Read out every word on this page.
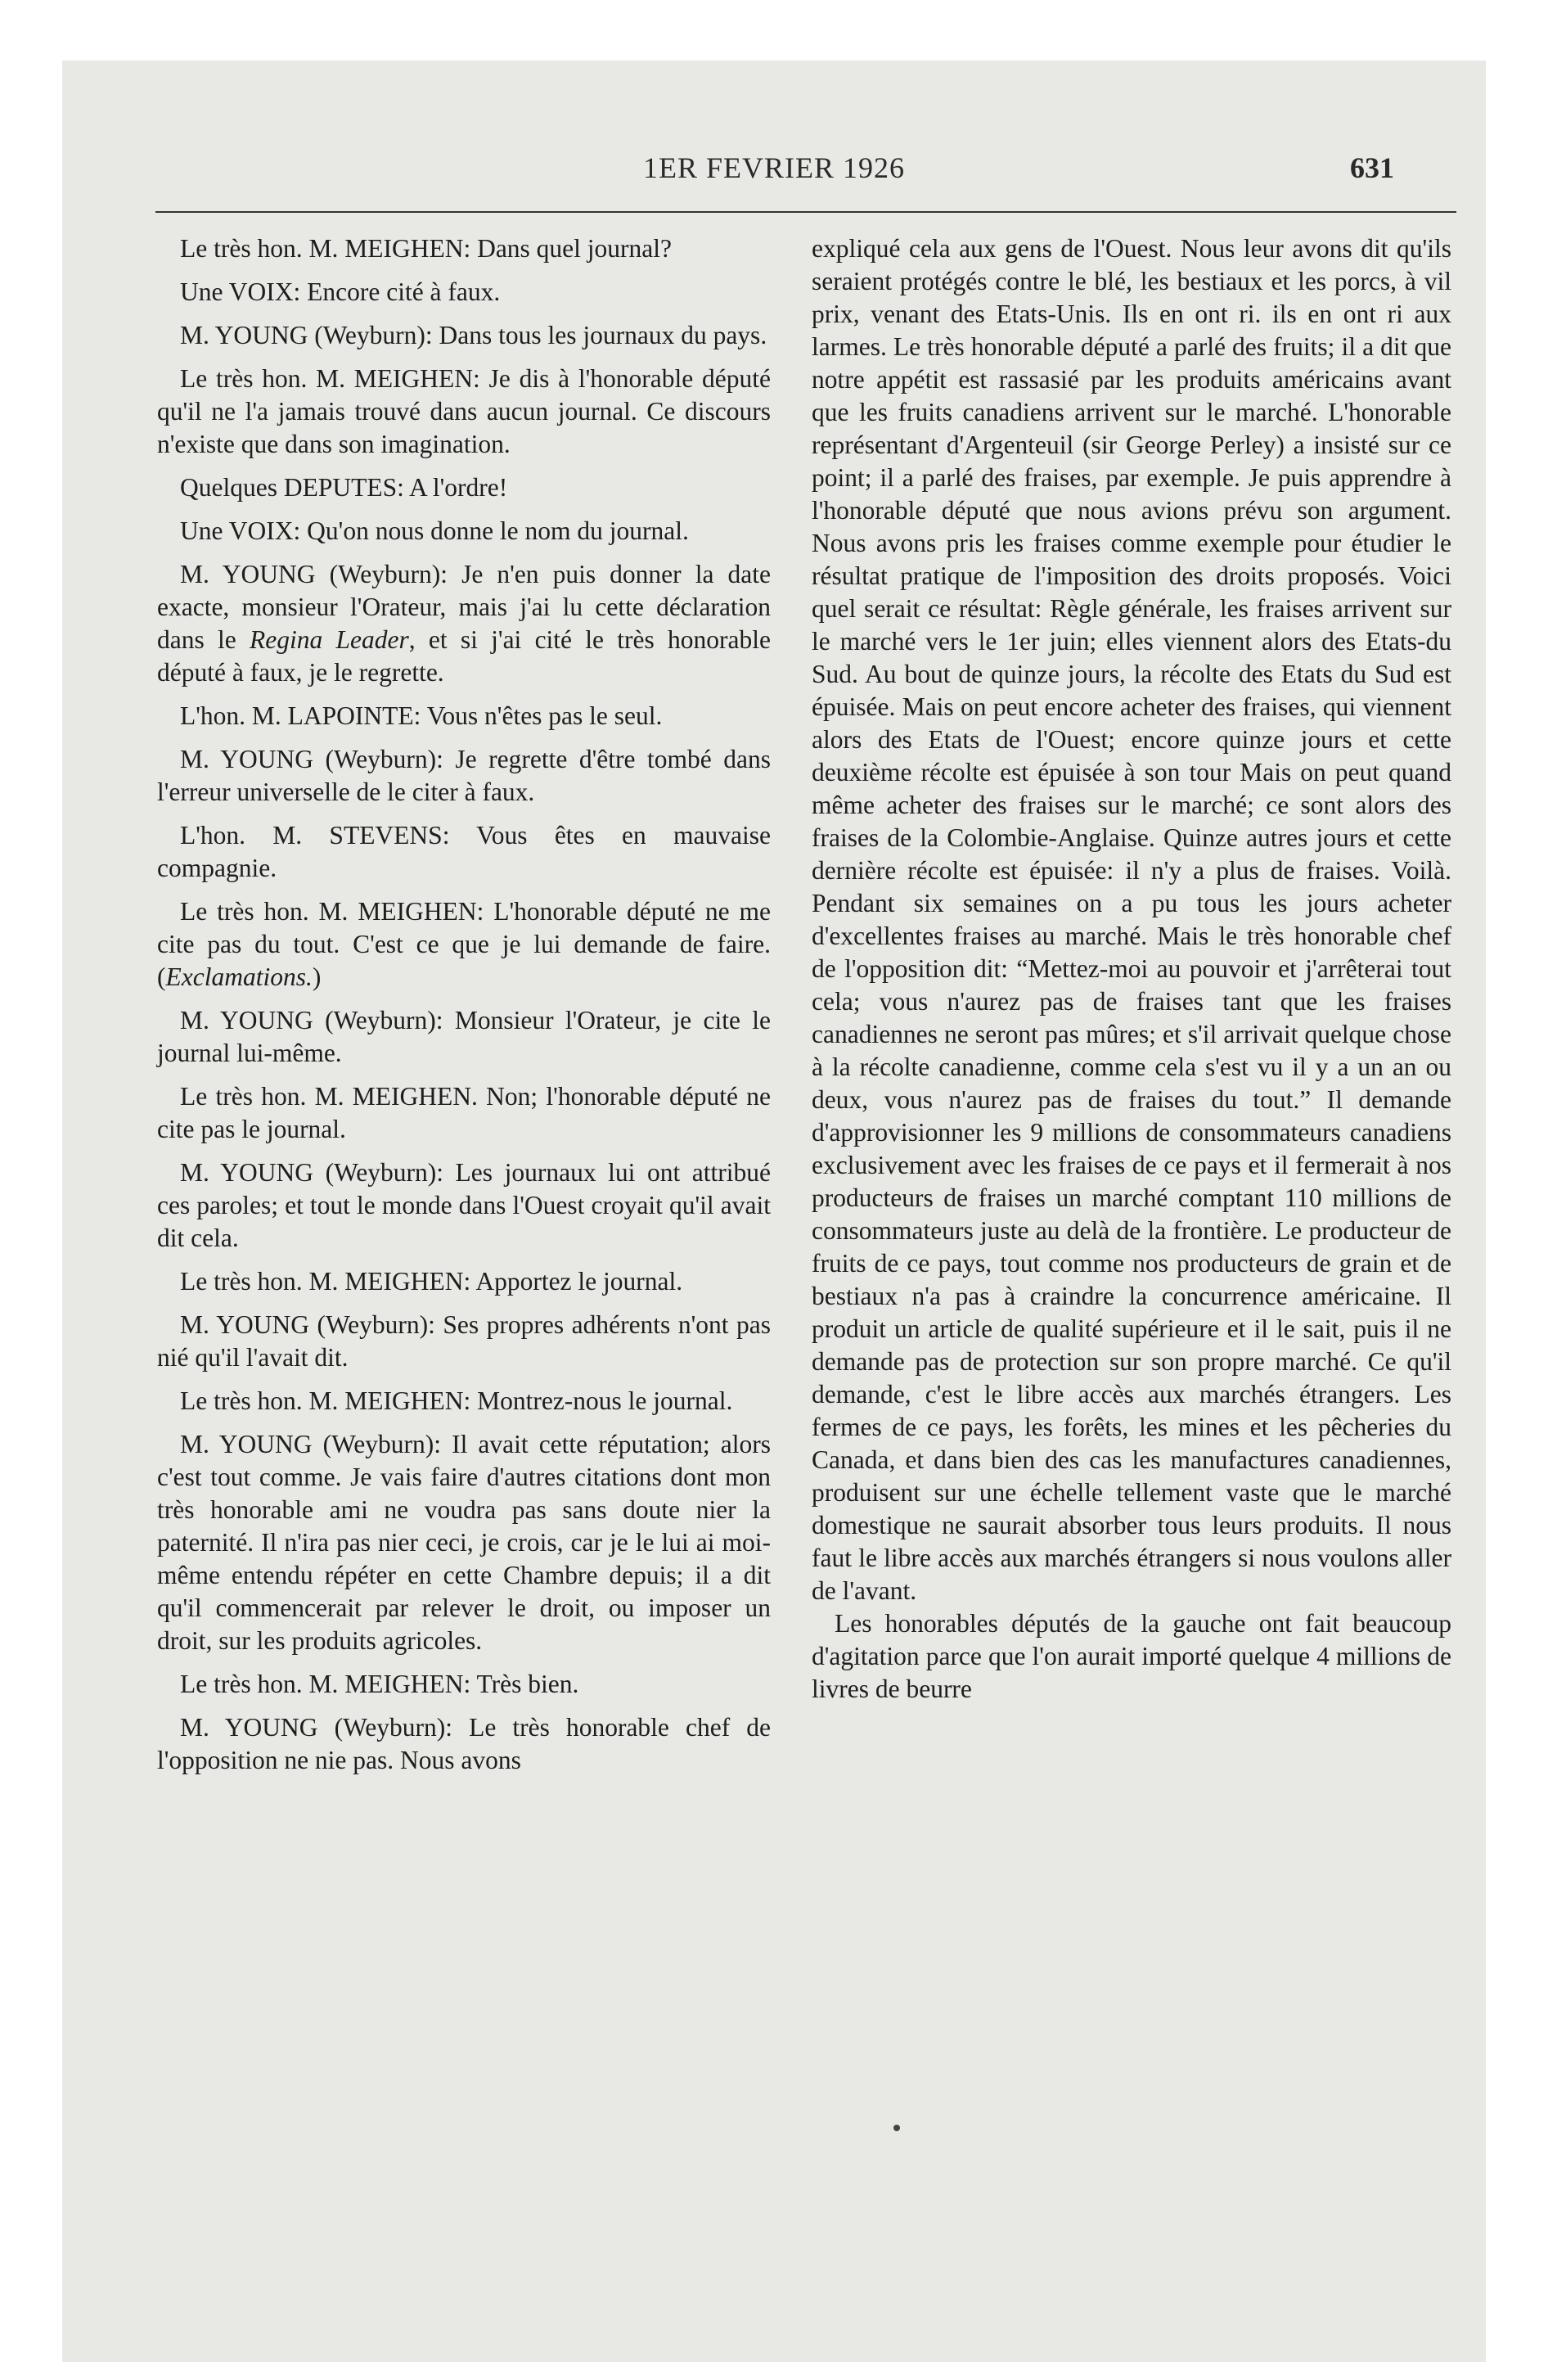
1ER FEVRIER 1926	631

Le très hon. M. MEIGHEN: Dans quel journal?

Une VOIX: Encore cité à faux.

M. YOUNG (Weyburn): Dans tous les journaux du pays.

Le très hon. M. MEIGHEN: Je dis à l'honorable député qu'il ne l'a jamais trouvé dans aucun journal. Ce discours n'existe que dans son imagination.

Quelques DEPUTES: A l'ordre!

Une VOIX: Qu'on nous donne le nom du journal.

M. YOUNG (Weyburn): Je n'en puis donner la date exacte, monsieur l'Orateur, mais j'ai lu cette déclaration dans le Regina Leader, et si j'ai cité le très honorable député à faux, je le regrette.

L'hon. M. LAPOINTE: Vous n'êtes pas le seul.

M. YOUNG (Weyburn): Je regrette d'être tombé dans l'erreur universelle de le citer à faux.

L'hon. M. STEVENS: Vous êtes en mauvaise compagnie.

Le très hon. M. MEIGHEN: L'honorable député ne me cite pas du tout. C'est ce que je lui demande de faire. (Exclamations.)

M. YOUNG (Weyburn): Monsieur l'Orateur, je cite le journal lui-même.

Le très hon. M. MEIGHEN. Non; l'honorable député ne cite pas le journal.

M. YOUNG (Weyburn): Les journaux lui ont attribué ces paroles; et tout le monde dans l'Ouest croyait qu'il avait dit cela.

Le très hon. M. MEIGHEN: Apportez le journal.

M. YOUNG (Weyburn): Ses propres adhérents n'ont pas nié qu'il l'avait dit.

Le très hon. M. MEIGHEN: Montrez-nous le journal.

M. YOUNG (Weyburn): Il avait cette réputation; alors c'est tout comme. Je vais faire d'autres citations dont mon très honorable ami ne voudra pas sans doute nier la paternité. Il n'ira pas nier ceci, je crois, car je le lui ai moi-même entendu répéter en cette Chambre depuis; il a dit qu'il commencerait par relever le droit, ou imposer un droit, sur les produits agricoles.

Le très hon. M. MEIGHEN: Très bien.

M. YOUNG (Weyburn): Le très honorable chef de l'opposition ne nie pas. Nous avons

expliqué cela aux gens de l'Ouest. Nous leur avons dit qu'ils seraient protégés contre le blé, les bestiaux et les porcs, à vil prix, venant des Etats-Unis. Ils en ont ri. ils en ont ri aux larmes. Le très honorable député a parlé des fruits; il a dit que notre appétit est rassasié par les produits américains avant que les fruits canadiens arrivent sur le marché. L'honorable représentant d'Argenteuil (sir George Perley) a insisté sur ce point; il a parlé des fraises, par exemple. Je puis apprendre à l'honorable député que nous avions prévu son argument. Nous avons pris les fraises comme exemple pour étudier le résultat pratique de l'imposition des droits proposés. Voici quel serait ce résultat: Règle générale, les fraises arrivent sur le marché vers le 1er juin; elles viennent alors des Etats-du Sud. Au bout de quinze jours, la récolte des Etats du Sud est épuisée. Mais on peut encore acheter des fraises, qui viennent alors des Etats de l'Ouest; encore quinze jours et cette deuxième récolte est épuisée à son tour Mais on peut quand même acheter des fraises sur le marché; ce sont alors des fraises de la Colombie-Anglaise. Quinze autres jours et cette dernière récolte est épuisée: il n'y a plus de fraises. Voilà. Pendant six semaines on a pu tous les jours acheter d'excellentes fraises au marché. Mais le très honorable chef de l'opposition dit: “Mettez-moi au pouvoir et j'arrêterai tout cela; vous n'aurez pas de fraises tant que les fraises canadiennes ne seront pas mûres; et s'il arrivait quelque chose à la récolte canadienne, comme cela s'est vu il y a un an ou deux, vous n'aurez pas de fraises du tout.” Il demande d'approvisionner les 9 millions de consommateurs canadiens exclusivement avec les fraises de ce pays et il fermerait à nos producteurs de fraises un marché comptant 110 millions de consommateurs juste au delà de la frontière. Le producteur de fruits de ce pays, tout comme nos producteurs de grain et de bestiaux n'a pas à craindre la concurrence américaine. Il produit un article de qualité supérieure et il le sait, puis il ne demande pas de protection sur son propre marché. Ce qu'il demande, c'est le libre accès aux marchés étrangers. Les fermes de ce pays, les forêts, les mines et les pêcheries du Canada, et dans bien des cas les manufactures canadiennes, produisent sur une échelle tellement vaste que le marché domestique ne saurait absorber tous leurs produits. Il nous faut le libre accès aux marchés étrangers si nous voulons aller de l'avant.

Les honorables députés de la gauche ont fait beaucoup d'agitation parce que l'on aurait importé quelque 4 millions de livres de beurre
